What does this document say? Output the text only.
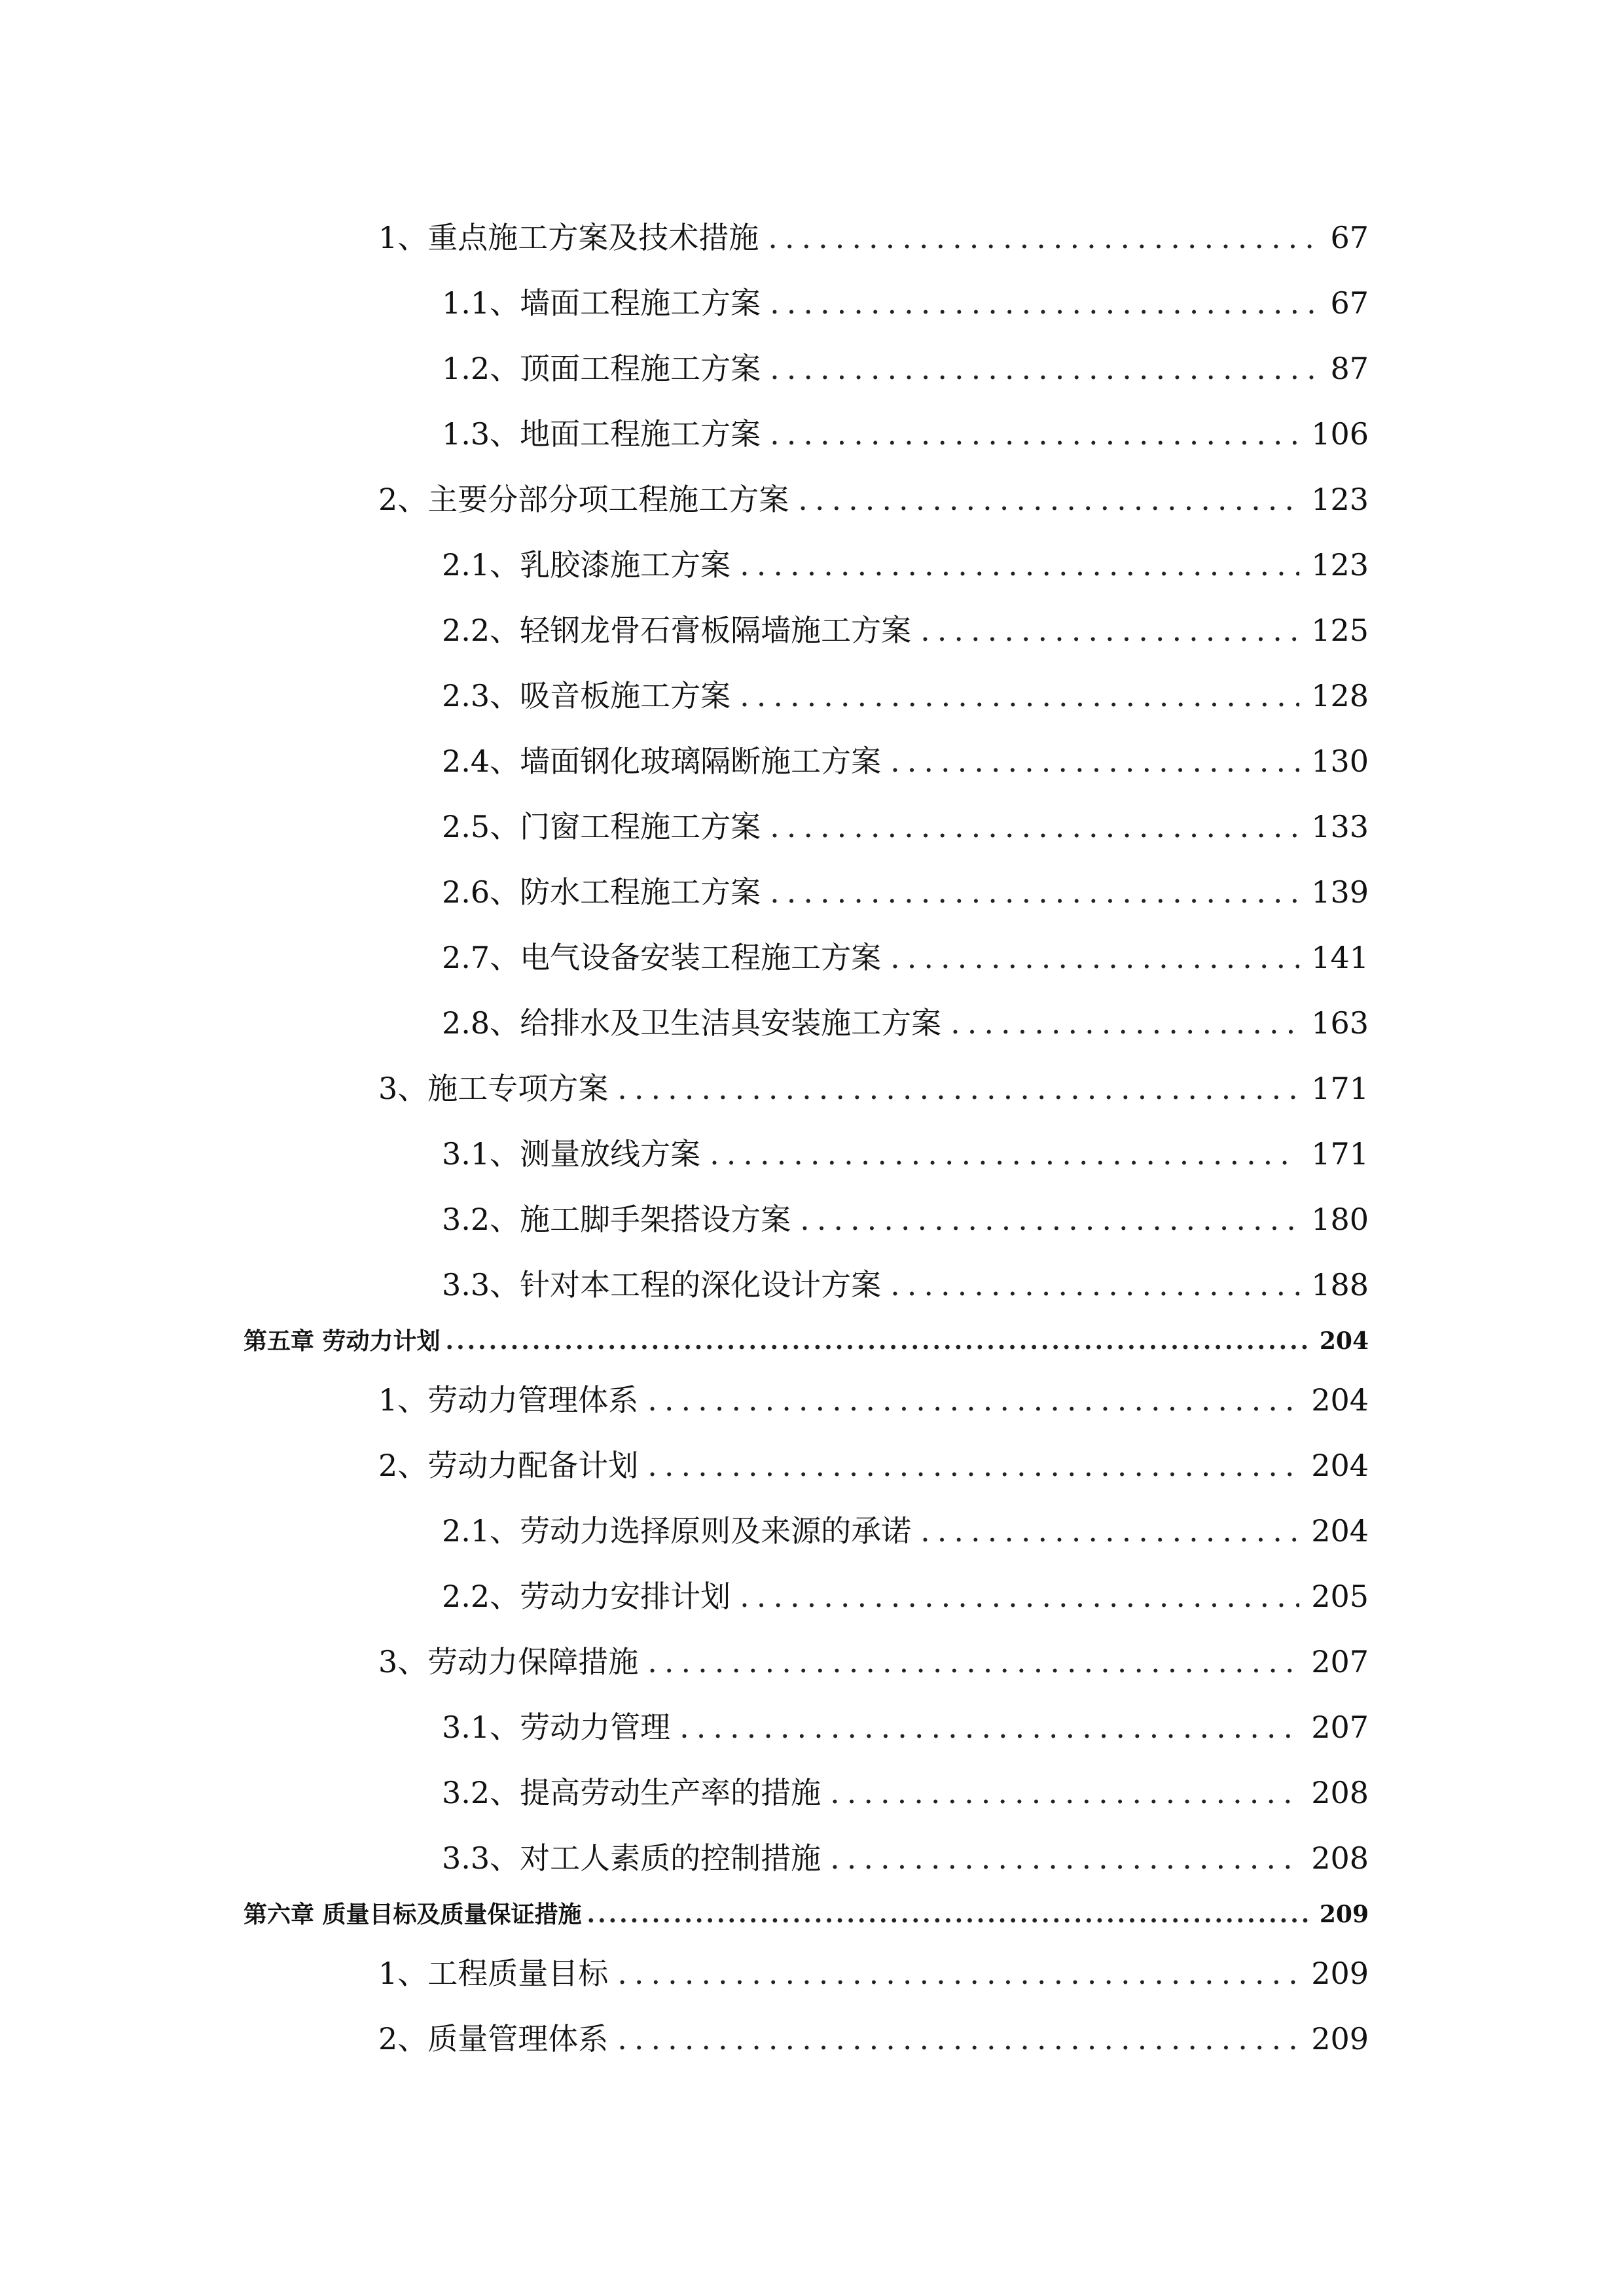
1、重点施工方案及技术措施 .....	67
1.1、墙面工程施工方案 .....	67
1.2、顶面工程施工方案 .....	87
1.3、地面工程施工方案 .....	106
2、主要分部分项工程施工方案 .....	123
2.1、乳胶漆施工方案 .....	123
2.2、轻钢龙骨石膏板隔墙施工方案 .....	125
2.3、吸音板施工方案 .....	128
2.4、墙面钢化玻璃隔断施工方案 .....	130
2.5、门窗工程施工方案 .....	133
2.6、防水工程施工方案 .....	139
2.7、电气设备安装工程施工方案 .....	141
2.8、给排水及卫生洁具安装施工方案 .....	163
3、施工专项方案 .....	171
3.1、测量放线方案 .....	171
3.2、施工脚手架搭设方案 .....	180
3.3、针对本工程的深化设计方案 .....	188
第五章 劳动力计划 .....	204
1、劳动力管理体系 .....	204
2、劳动力配备计划 .....	204
2.1、劳动力选择原则及来源的承诺 .....	204
2.2、劳动力安排计划 .....	205
3、劳动力保障措施 .....	207
3.1、劳动力管理 .....	207
3.2、提高劳动生产率的措施 .....	208
3.3、对工人素质的控制措施 .....	208
第六章 质量目标及质量保证措施 .....	209
1、工程质量目标 .....	209
2、质量管理体系 .....	209
